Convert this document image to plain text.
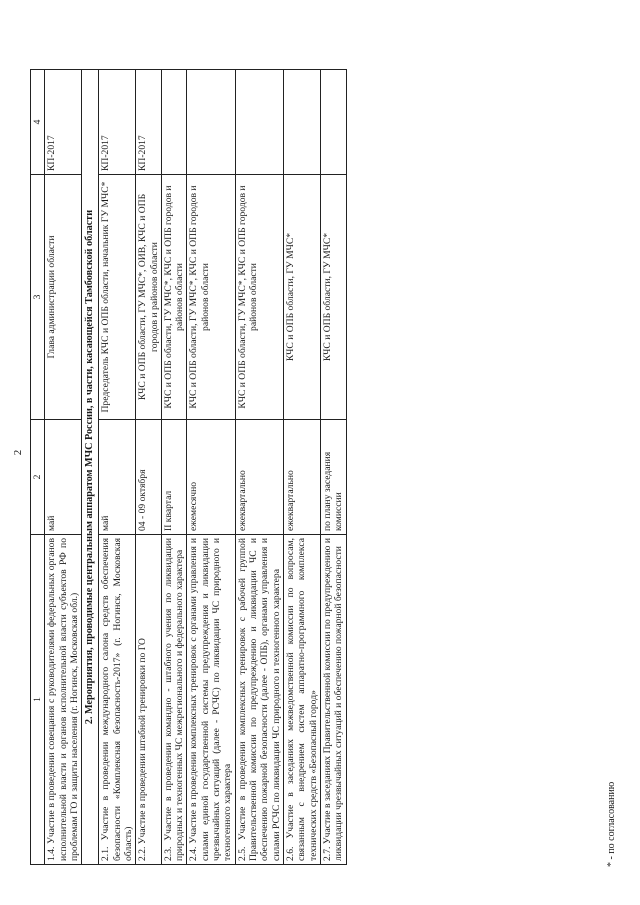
2
1	2	3	4
1.4. Участие в проведении совещания с руководителями федеральных органов исполнительной власти и органов исполнительной власти субъектов РФ по проблемам ГО и защиты населения (г. Ногинск, Московская обл.)	май	Глава администрации области	КП-2017
2. Мероприятия, проводимые центральным аппаратом МЧС России, в части, касающейся Тамбовской области			
2.1. Участие в проведении международного салона средств обеспечения безопасности «Комплексная безопасность-2017» (г. Ногинск, Московская область)	май	Председатель КЧС и ОПБ области, начальник ГУ МЧС*	КП-2017
2.2. Участие в проведении штабной тренировки по ГО	04 - 09 октября	КЧС и ОПБ области, ГУ МЧС*, ОИВ, КЧС и ОПБ городов и районов области	КП-2017
2.3. Участие в проведении командно - штабного учения по ликвидации природных и техногенных ЧС межрегионального и федерального характера	II квартал	КЧС и ОПБ области, ГУ МЧС*, КЧС и ОПБ городов и районов области	
2.4. Участие в проведении комплексных тренировок с органами управления и силами единой государственной системы предупреждения и ликвидации чрезвычайных ситуаций (далее - РСЧС) по ликвидации ЧС природного и техногенного характера	ежемесячно	КЧС и ОПБ области, ГУ МЧС*, КЧС и ОПБ городов и районов области	
2.5. Участие в проведении комплексных тренировок с рабочей группой Правительственной комиссии по предупреждению и ликвидации ЧС и обеспечению пожарной безопасности (далее - ОПБ), органами управления и силами РСЧС по ликвидации ЧС природного и техногенного характера	ежеквартально	КЧС и ОПБ области, ГУ МЧС*, КЧС и ОПБ городов и районов области	
2.6. Участие в заседаниях межведомственной комиссии по вопросам, связанным с внедрением систем аппаратно-программного комплекса технических средств «Безопасный город»	ежеквартально	КЧС и ОПБ области, ГУ МЧС*	
2.7. Участие в заседаниях Правительственной комиссии по предупреждению и ликвидации чрезвычайных ситуаций и обеспечению пожарной безопасности	по плану заседания комиссии	КЧС и ОПБ области, ГУ МЧС*	
* - по согласованию
